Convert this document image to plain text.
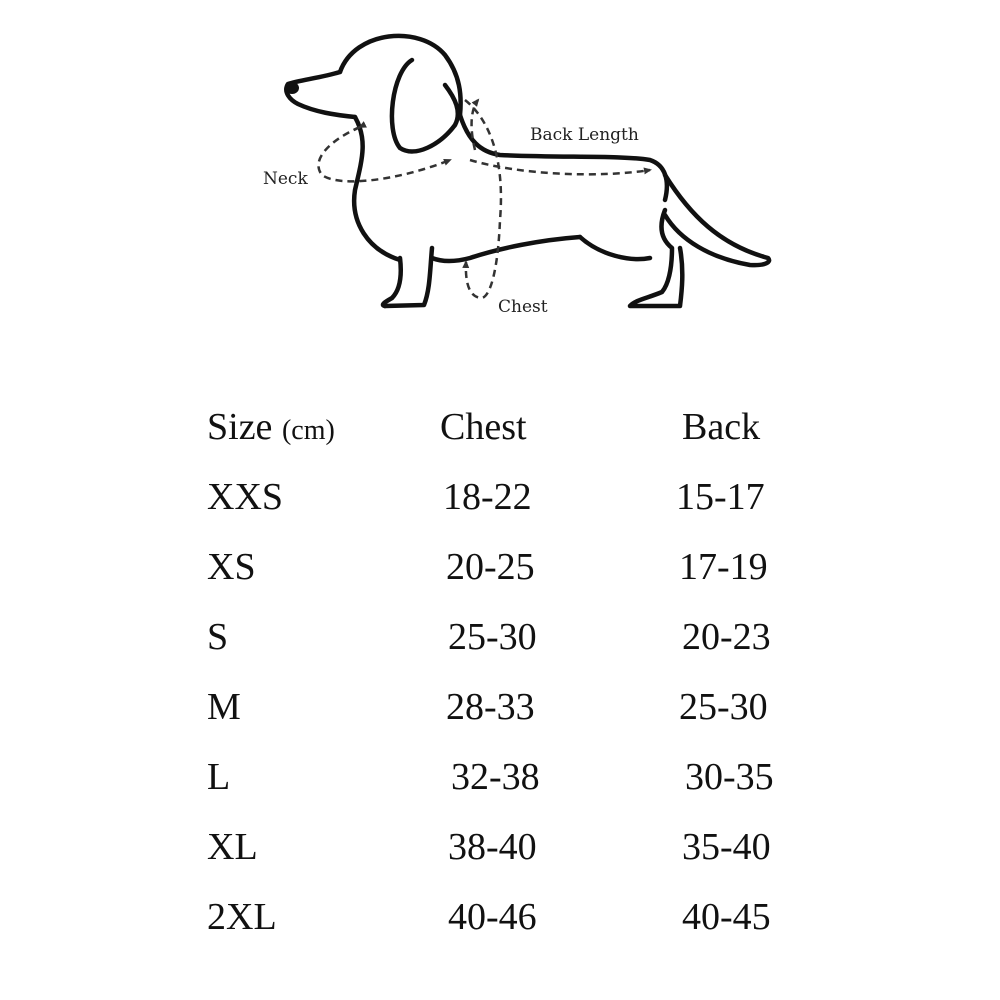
Neck
Back Length
Chest
Size (cm)	Chest	Back
XXS	18-22	15-17
XS	20-25	17-19
S	25-30	20-23
M	28-33	25-30
L	32-38	30-35
XL	38-40	35-40
2XL	40-46	40-45
